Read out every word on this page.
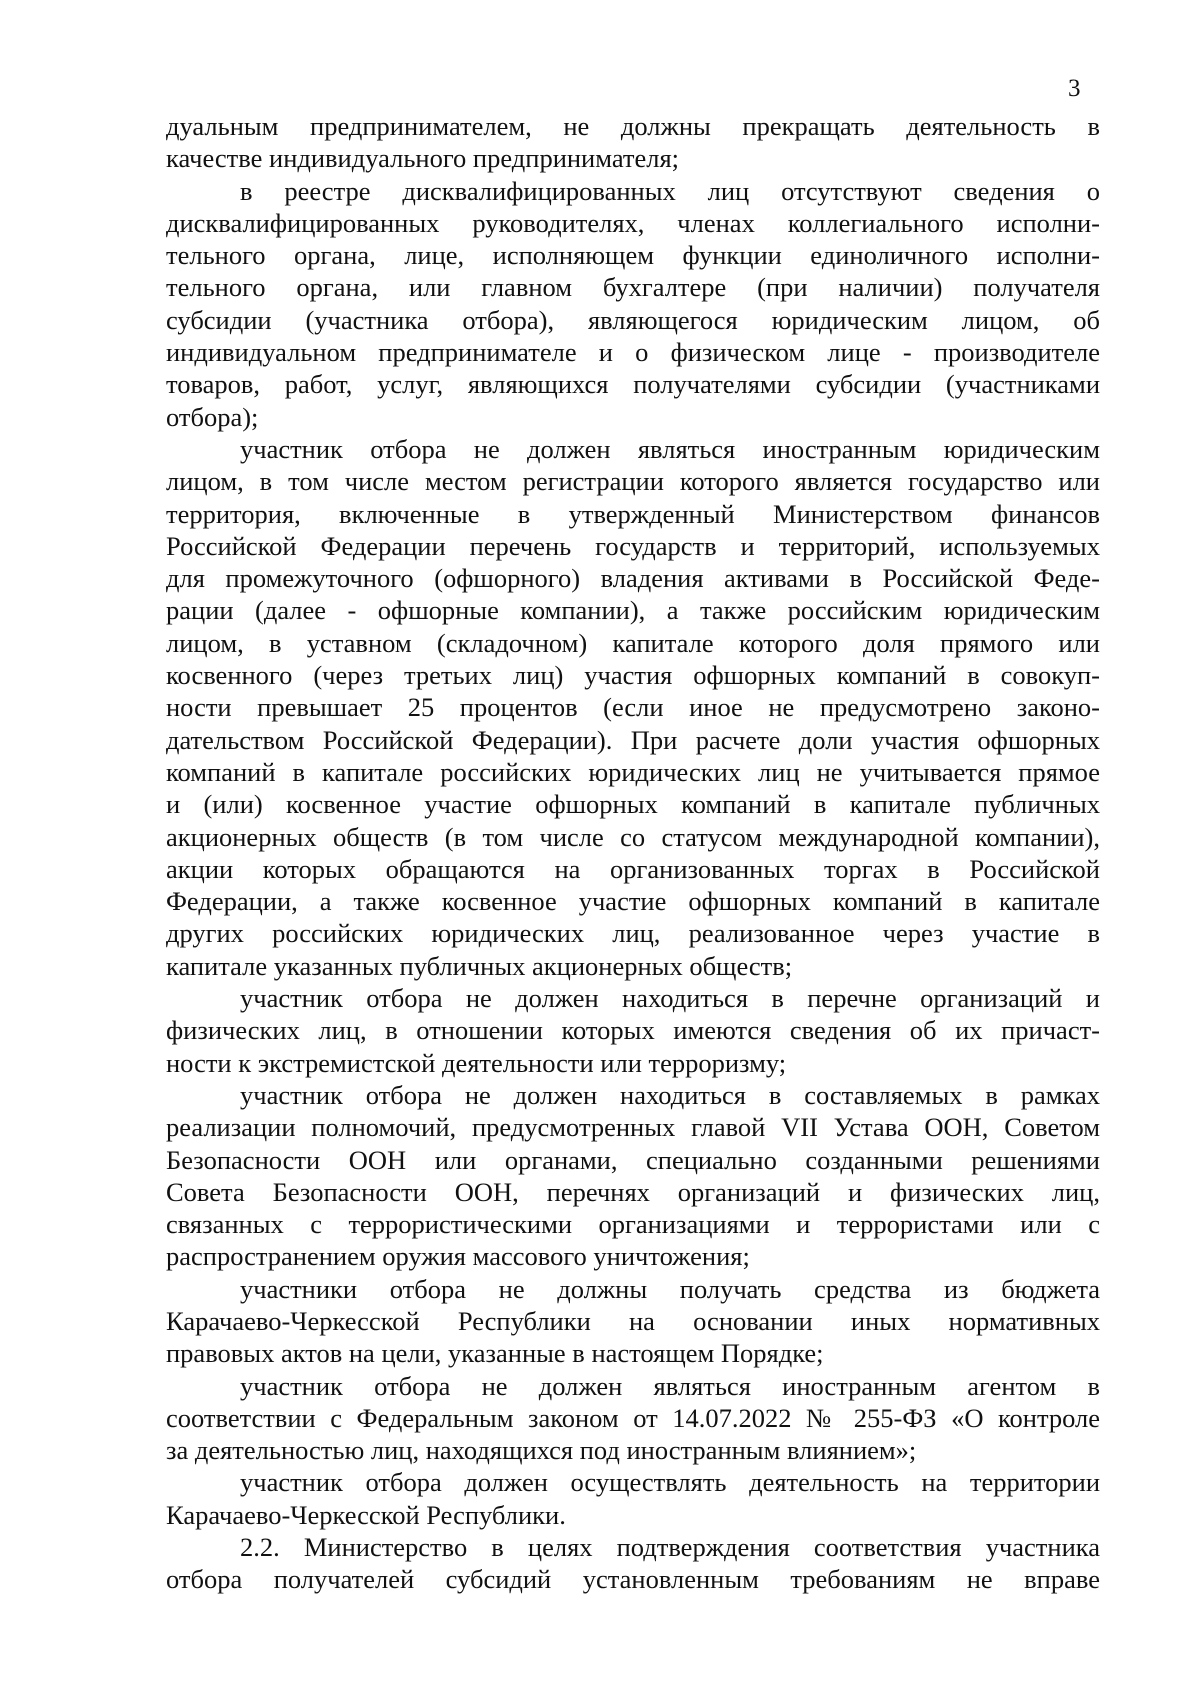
3
дуальным предпринимателем, не должны прекращать деятельность в
качестве индивидуального предпринимателя;
в реестре дисквалифицированных лиц отсутствуют сведения о
дисквалифицированных руководителях, членах коллегиального исполни-
тельного органа, лице, исполняющем функции единоличного исполни-
тельного органа, или главном бухгалтере (при наличии) получателя
субсидии (участника отбора), являющегося юридическим лицом, об
индивидуальном предпринимателе и о физическом лице - производителе
товаров, работ, услуг, являющихся получателями субсидии (участниками
отбора);
участник отбора не должен являться иностранным юридическим
лицом, в том числе местом регистрации которого является государство или
территория, включенные в утвержденный Министерством финансов
Российской Федерации перечень государств и территорий, используемых
для промежуточного (офшорного) владения активами в Российской Феде-
рации (далее - офшорные компании), а также российским юридическим
лицом, в уставном (складочном) капитале которого доля прямого или
косвенного (через третьих лиц) участия офшорных компаний в совокуп-
ности превышает 25 процентов (если иное не предусмотрено законо-
дательством Российской Федерации). При расчете доли участия офшорных
компаний в капитале российских юридических лиц не учитывается прямое
и (или) косвенное участие офшорных компаний в капитале публичных
акционерных обществ (в том числе со статусом международной компании),
акции которых обращаются на организованных торгах в Российской
Федерации, а также косвенное участие офшорных компаний в капитале
других российских юридических лиц, реализованное через участие в
капитале указанных публичных акционерных обществ;
участник отбора не должен находиться в перечне организаций и
физических лиц, в отношении которых имеются сведения об их причаст-
ности к экстремистской деятельности или терроризму;
участник отбора не должен находиться в составляемых в рамках
реализации полномочий, предусмотренных главой VII Устава ООН, Советом
Безопасности ООН или органами, специально созданными решениями
Совета Безопасности ООН, перечнях организаций и физических лиц,
связанных с террористическими организациями и террористами или с
распространением оружия массового уничтожения;
участники отбора не должны получать средства из бюджета
Карачаево-Черкесской Республики на основании иных нормативных
правовых актов на цели, указанные в настоящем Порядке;
участник отбора не должен являться иностранным агентом в
соответствии с Федеральным законом от 14.07.2022 № 255-ФЗ «О контроле
за деятельностью лиц, находящихся под иностранным влиянием»;
участник отбора должен осуществлять деятельность на территории
Карачаево-Черкесской Республики.
2.2. Министерство в целях подтверждения соответствия участника
отбора получателей субсидий установленным требованиям не вправе
